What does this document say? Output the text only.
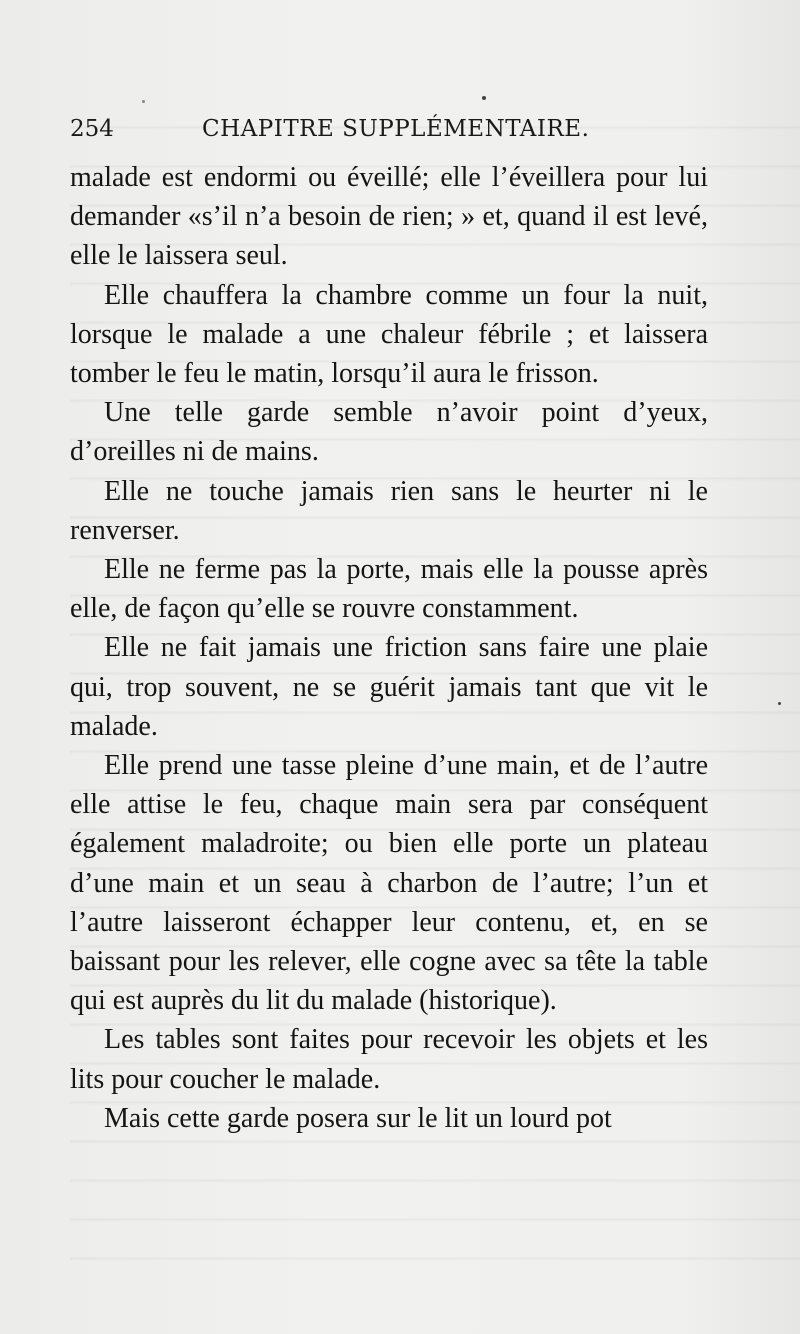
254	CHAPITRE SUPPLÉMENTAIRE.

malade est endormi ou éveillé; elle l’éveillera pour lui demander «s’il n’a besoin de rien; » et, quand il est levé, elle le laissera seul.

Elle chauffera la chambre comme un four la nuit, lorsque le malade a une chaleur fébrile ; et laissera tomber le feu le matin, lorsqu’il aura le frisson.

Une telle garde semble n’avoir point d’yeux, d’oreilles ni de mains.

Elle ne touche jamais rien sans le heurter ni le renverser.

Elle ne ferme pas la porte, mais elle la pousse après elle, de façon qu’elle se rouvre constamment.

Elle ne fait jamais une friction sans faire une plaie qui, trop souvent, ne se guérit jamais tant que vit le malade.

Elle prend une tasse pleine d’une main, et de l’autre elle attise le feu, chaque main sera par conséquent également maladroite; ou bien elle porte un plateau d’une main et un seau à charbon de l’autre; l’un et l’autre laisseront échapper leur contenu, et, en se baissant pour les relever, elle cogne avec sa tête la table qui est auprès du lit du malade (historique).

Les tables sont faites pour recevoir les objets et les lits pour coucher le malade.

Mais cette garde posera sur le lit un lourd pot
